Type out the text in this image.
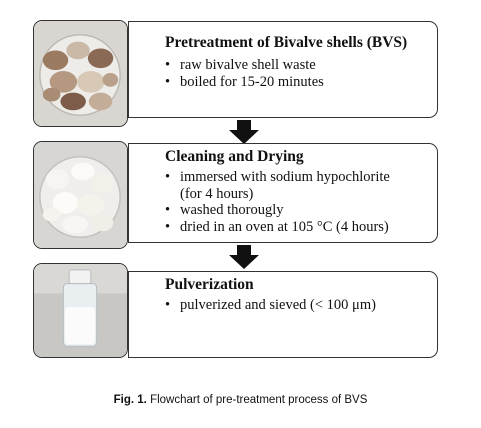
Pretreatment of Bivalve shells (BVS)
• raw bivalve shell waste
• boiled for 15-20 minutes
Cleaning and Drying
• immersed with sodium hypochlorite
(for 4 hours)
• washed thorougly
• dried in an oven at 105 °C (4 hours)
Pulverization
• pulverized and sieved (< 100 μm)
Fig. 1. Flowchart of pre-treatment process of BVS
